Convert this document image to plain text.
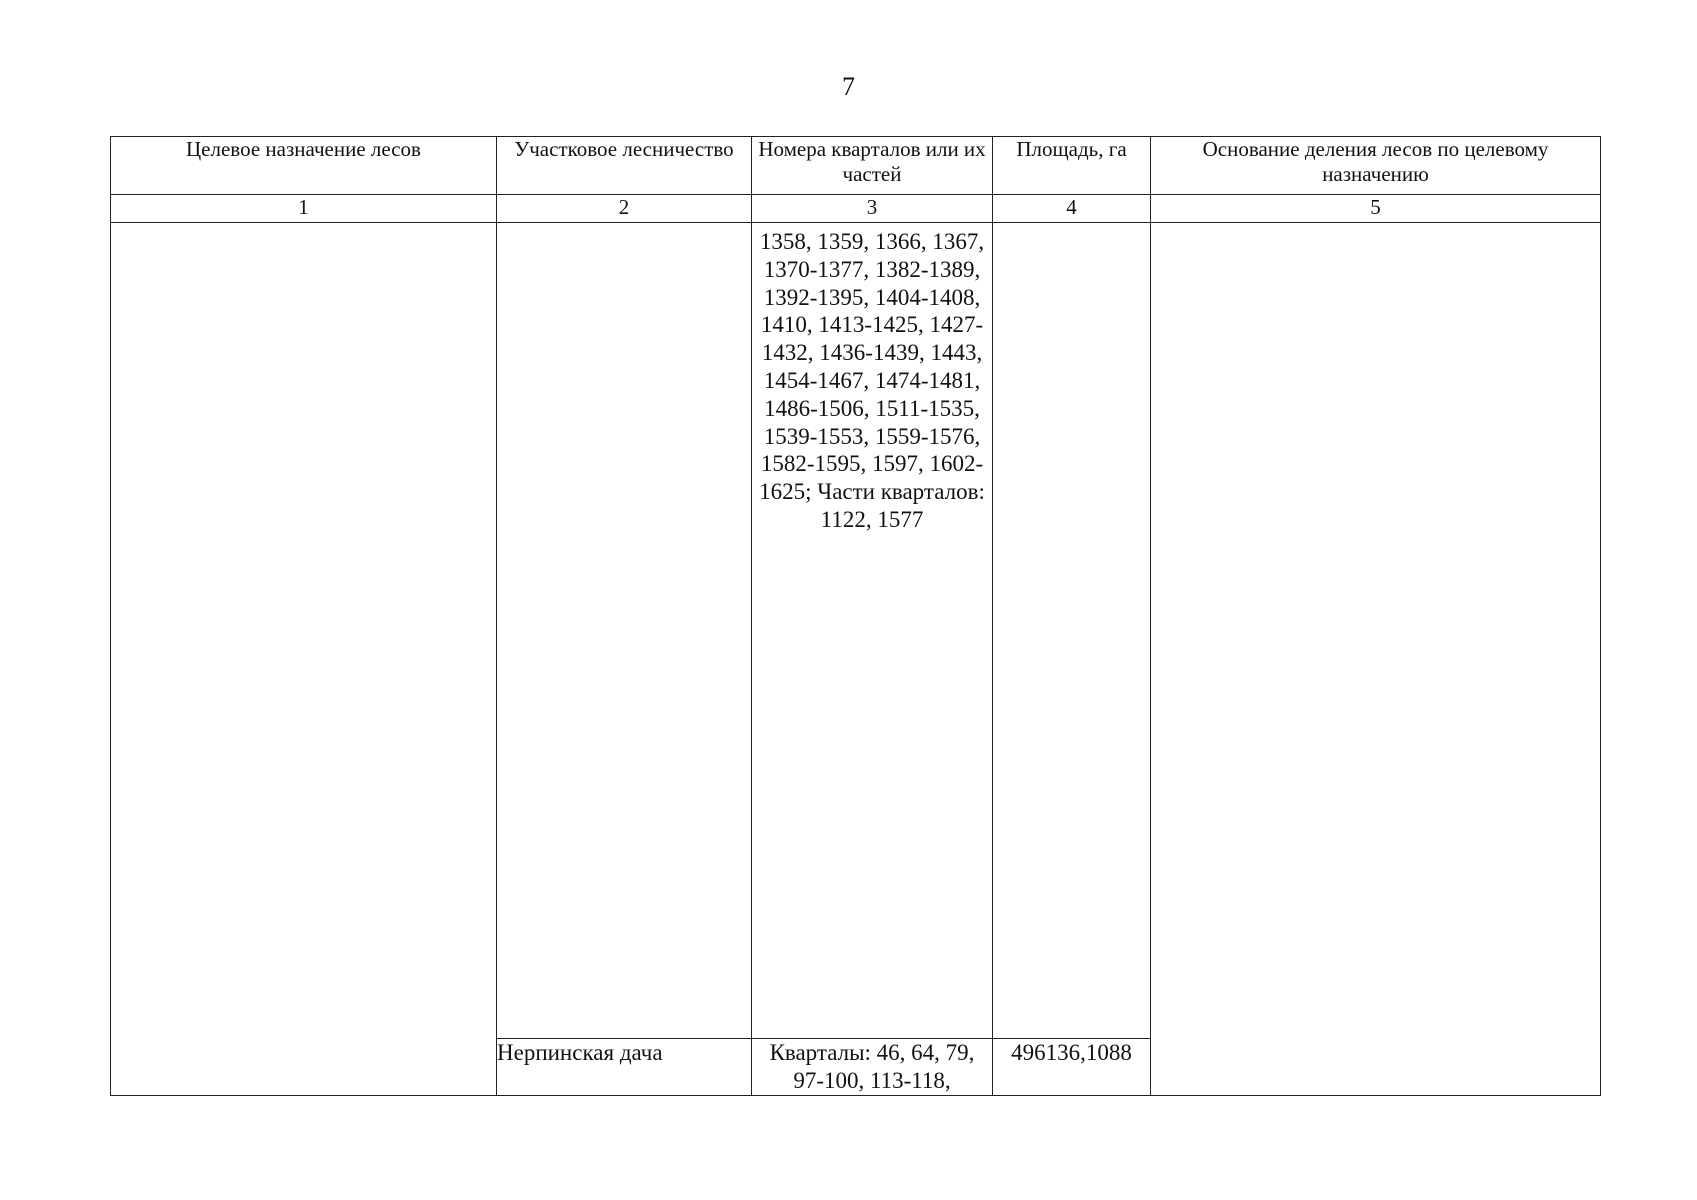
7
Целевое назначение лесов	Участковое лесничество	Номера кварталов или их частей	Площадь, га	Основание деления лесов по целевому назначению
1	2	3	4	5

		1358, 1359, 1366, 1367, 1370-1377, 1382-1389, 1392-1395, 1404-1408, 1410, 1413-1425, 1427-1432, 1436-1439, 1443, 1454-1467, 1474-1481, 1486-1506, 1511-1535, 1539-1553, 1559-1576, 1582-1595, 1597, 1602-1625; Части кварталов: 1122, 1577		

	Нерпинская дача	Кварталы: 46, 64, 79, 97-100, 113-118,	496136,1088	
